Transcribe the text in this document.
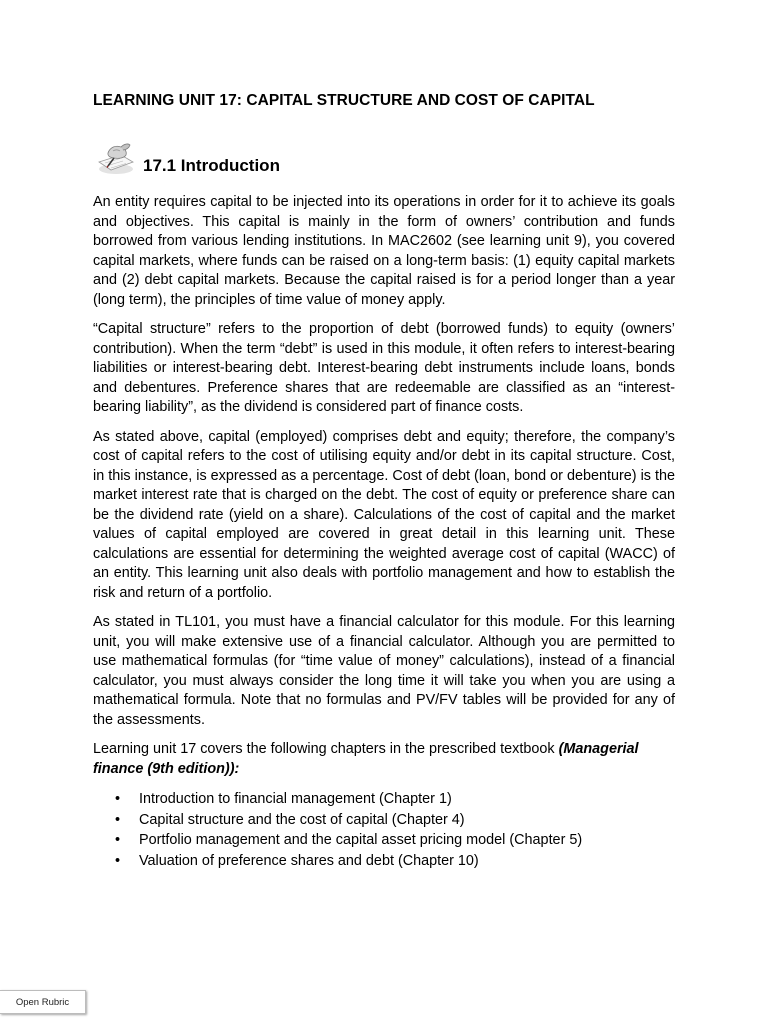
LEARNING UNIT 17: CAPITAL STRUCTURE AND COST OF CAPITAL
17.1 Introduction

An entity requires capital to be injected into its operations in order for it to achieve its goals and objectives. This capital is mainly in the form of owners’ contribution and funds borrowed from various lending institutions. In MAC2602 (see learning unit 9), you covered capital markets, where funds can be raised on a long-term basis: (1) equity capital markets and (2) debt capital markets. Because the capital raised is for a period longer than a year (long term), the principles of time value of money apply.

“Capital structure” refers to the proportion of debt (borrowed funds) to equity (owners’ contribution). When the term “debt” is used in this module, it often refers to interest-bearing liabilities or interest-bearing debt. Interest-bearing debt instruments include loans, bonds and debentures. Preference shares that are redeemable are classified as an “interest-bearing liability”, as the dividend is considered part of finance costs.

As stated above, capital (employed) comprises debt and equity; therefore, the company’s cost of capital refers to the cost of utilising equity and/or debt in its capital structure. Cost, in this instance, is expressed as a percentage. Cost of debt (loan, bond or debenture) is the market interest rate that is charged on the debt. The cost of equity or preference share can be the dividend rate (yield on a share). Calculations of the cost of capital and the market values of capital employed are covered in great detail in this learning unit. These calculations are essential for determining the weighted average cost of capital (WACC) of an entity. This learning unit also deals with portfolio management and how to establish the risk and return of a portfolio.

As stated in TL101, you must have a financial calculator for this module. For this learning unit, you will make extensive use of a financial calculator. Although you are permitted to use mathematical formulas (for “time value of money” calculations), instead of a financial calculator, you must always consider the long time it will take you when you are using a mathematical formula. Note that no formulas and PV/FV tables will be provided for any of the assessments.

Learning unit 17 covers the following chapters in the prescribed textbook (Managerial finance (9th edition)):

• Introduction to financial management (Chapter 1)
• Capital structure and the cost of capital (Chapter 4)
• Portfolio management and the capital asset pricing model (Chapter 5)
• Valuation of preference shares and debt (Chapter 10)
Open Rubric
